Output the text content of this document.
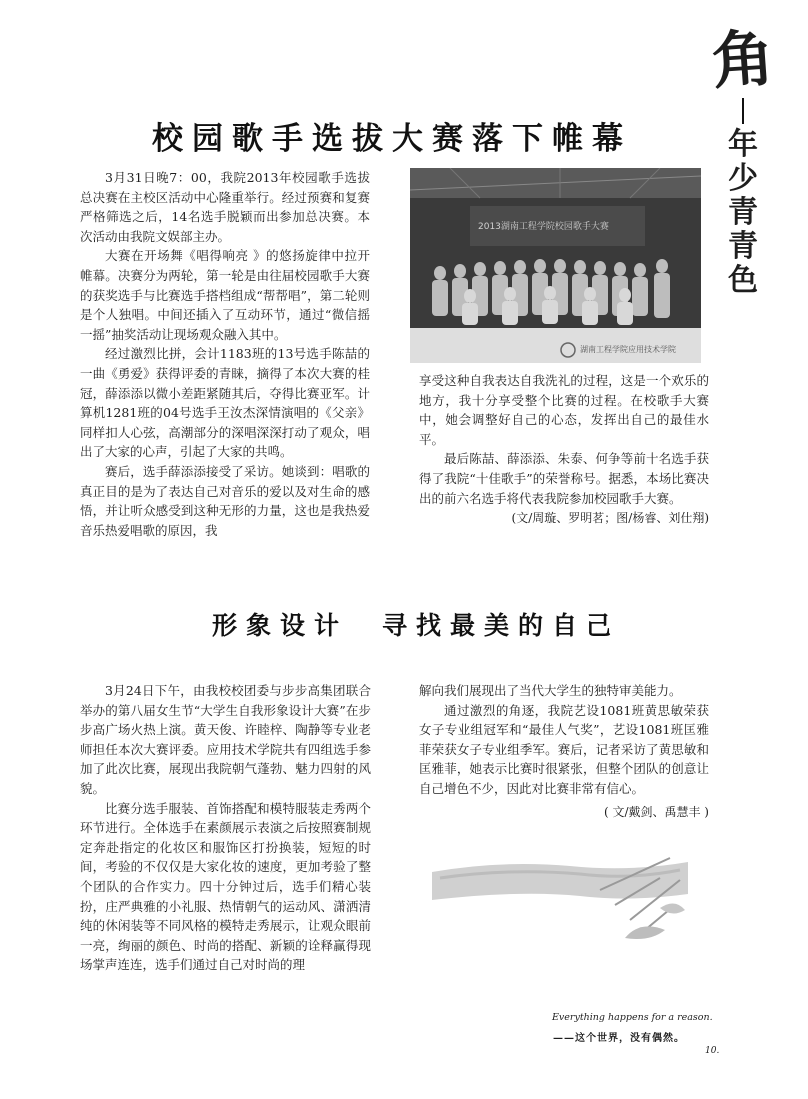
角
年
少
青
青
色
校园歌手选拔大赛落下帷幕

3月31日晚7：00，我院2013年校园歌手选拔总决赛在主校区活动中心隆重举行。经过预赛和复赛严格筛选之后，14名选手脱颖而出参加总决赛。本次活动由我院文娱部主办。

大赛在开场舞《唱得响亮 》的悠扬旋律中拉开帷幕。决赛分为两轮，第一轮是由往届校园歌手大赛的获奖选手与比赛选手搭档组成“帮帮唱”，第二轮则是个人独唱。中间还插入了互动环节，通过“微信摇一摇”抽奖活动让现场观众融入其中。

经过激烈比拼，会计1183班的13号选手陈喆的一曲《勇爱》获得评委的青睐，摘得了本次大赛的桂冠，薛添添以微小差距紧随其后，夺得比赛亚军。计算机1281班的04号选手王汝杰深情演唱的《父亲》同样扣人心弦，高潮部分的深唱深深打动了观众，唱出了大家的心声，引起了大家的共鸣。

赛后，选手薛添添接受了采访。她谈到：唱歌的真正目的是为了表达自己对音乐的爱以及对生命的感悟，并让听众感受到这种无形的力量，这也是我热爱音乐热爱唱歌的原因，我

2013湖南工程学院校园歌手大赛
湖南工程学院应用技术学院

享受这种自我表达自我洗礼的过程，这是一个欢乐的地方，我十分享受整个比赛的过程。在校歌手大赛中，她会调整好自己的心态，发挥出自己的最佳水平。

最后陈喆、薛添添、朱泰、何争等前十名选手获得了我院“十佳歌手”的荣誉称号。据悉，本场比赛决出的前六名选手将代表我院参加校园歌手大赛。

(文/周璇、罗明茗；图/杨睿、刘仕翔)
形象设计　寻找最美的自己

3月24日下午，由我校校团委与步步高集团联合举办的第八届女生节“大学生自我形象设计大赛”在步步高广场火热上演。黄天俊、许睦梓、陶静等专业老师担任本次大赛评委。应用技术学院共有四组选手参加了此次比赛，展现出我院朝气蓬勃、魅力四射的风貌。

比赛分选手服装、首饰搭配和模特服装走秀两个环节进行。全体选手在素颜展示表演之后按照赛制规定奔赴指定的化妆区和服饰区打扮换装，短短的时间，考验的不仅仅是大家化妆的速度，更加考验了整个团队的合作实力。四十分钟过后，选手们精心装扮，庄严典雅的小礼服、热情朝气的运动风、潇洒清纯的休闲装等不同风格的模特走秀展示，让观众眼前一亮，绚丽的颜色、时尚的搭配、新颖的诠释赢得现场掌声连连，选手们通过自己对时尚的理

解向我们展现出了当代大学生的独特审美能力。

通过激烈的角逐，我院艺设1081班黄思敏荣获女子专业组冠军和“最佳人气奖”，艺设1081班匡雅菲荣获女子专业组季军。赛后，记者采访了黄思敏和匡雅菲，她表示比赛时很紧张，但整个团队的创意让自己增色不少，因此对比赛非常有信心。

( 文/戴剑、禹慧丰 )
Everything happens for a reason.
——这个世界，没有偶然。
10.
